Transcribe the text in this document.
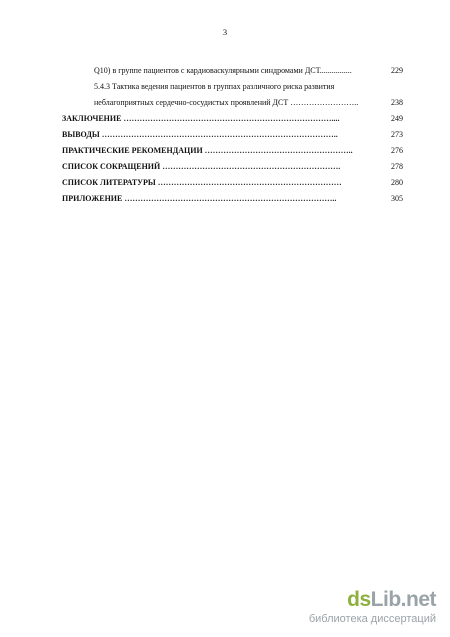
3
Q10) в группе пациентов с кардиоваскулярными синдромами ДСТ................	229
5.4.3 Тактика ведения пациентов в группах различного риска развития
неблагоприятных сердечно-сосудистых проявлений ДСТ ……………………..	238
ЗАКЛЮЧЕНИЕ ……………………………………………………………………....	249
ВЫВОДЫ ……………………………………………………………………………..	273
ПРАКТИЧЕСКИЕ РЕКОМЕНДАЦИИ ………………………………………………..	276
СПИСОК СОКРАЩЕНИЙ ………………………………………………………….	278
СПИСОК ЛИТЕРАТУРЫ ……………………………………………………………	280
ПРИЛОЖЕНИЕ ……………………………………………………………………..	305
dsLib.net
библиотека диссертаций
